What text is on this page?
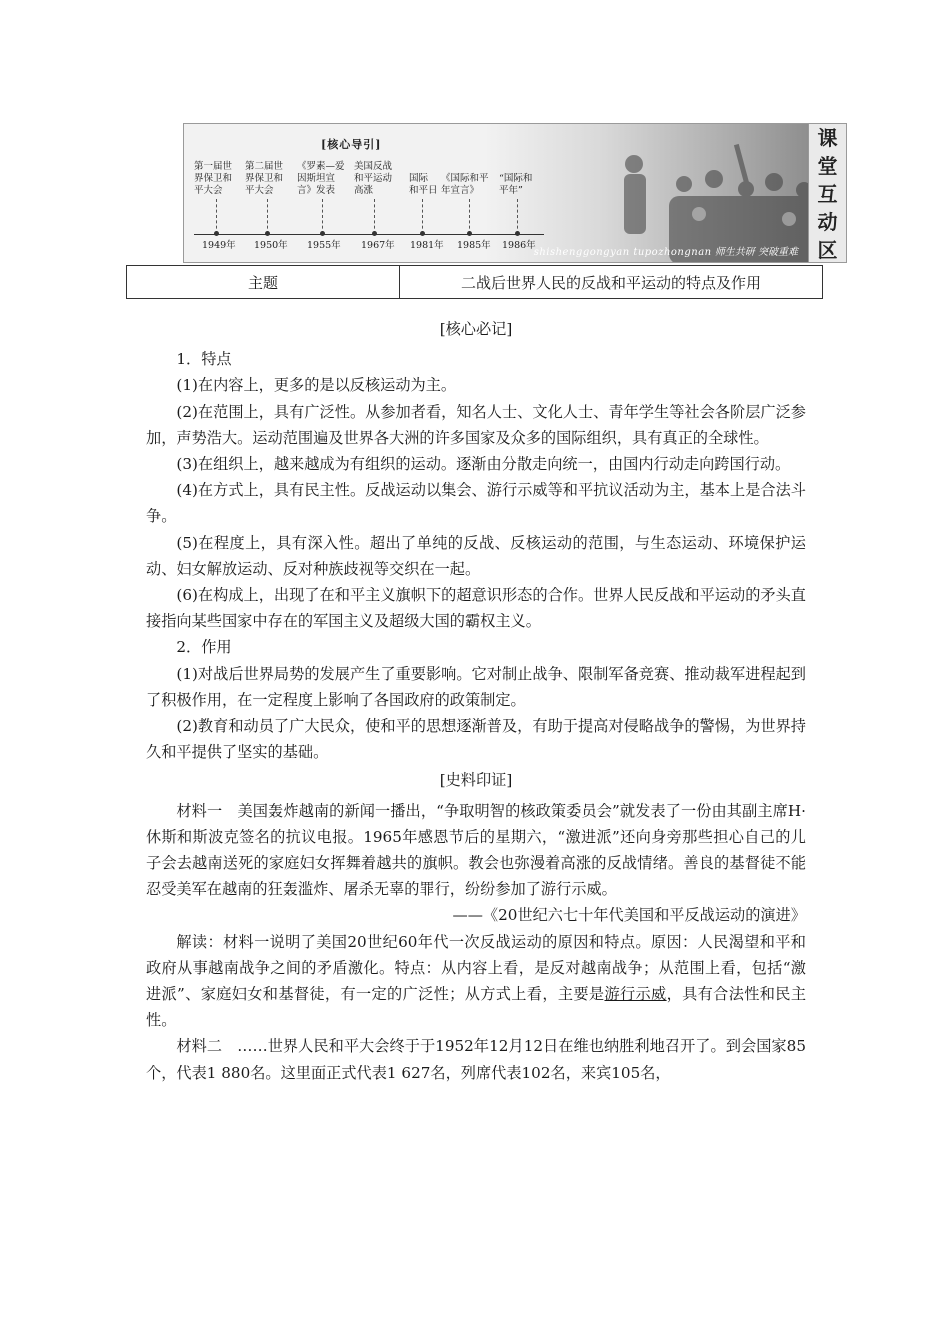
[核心导引]
第一届世
界保卫和
平大会
第二届世
界保卫和
平大会
《罗素—爱
因斯坦宣
言》发表
美国反战
和平运动
高涨
国际
和平日
《国际和平
年宣言》
“国际和
平年”
1949年 1950年 1955年 1967年 1981年 1985年 1986年
shishenggongyan tupozhongnan 师生共研 突破重难
课
堂
互
动
区
主题	二战后世界人民的反战和平运动的特点及作用
[核心必记]
1．特点
(1)在内容上，更多的是以反核运动为主。
(2)在范围上，具有广泛性。从参加者看，知名人士、文化人士、青年学生等社会各阶层广泛参加，声势浩大。运动范围遍及世界各大洲的许多国家及众多的国际组织，具有真正的全球性。
(3)在组织上，越来越成为有组织的运动。逐渐由分散走向统一，由国内行动走向跨国行动。
(4)在方式上，具有民主性。反战运动以集会、游行示威等和平抗议活动为主，基本上是合法斗争。
(5)在程度上，具有深入性。超出了单纯的反战、反核运动的范围，与生态运动、环境保护运动、妇女解放运动、反对种族歧视等交织在一起。
(6)在构成上，出现了在和平主义旗帜下的超意识形态的合作。世界人民反战和平运动的矛头直接指向某些国家中存在的军国主义及超级大国的霸权主义。
2．作用
(1)对战后世界局势的发展产生了重要影响。它对制止战争、限制军备竞赛、推动裁军进程起到了积极作用，在一定程度上影响了各国政府的政策制定。
(2)教育和动员了广大民众，使和平的思想逐渐普及，有助于提高对侵略战争的警惕，为世界持久和平提供了坚实的基础。
[史料印证]
材料一　美国轰炸越南的新闻一播出，“争取明智的核政策委员会”就发表了一份由其副主席H·休斯和斯波克签名的抗议电报。1965年感恩节后的星期六，“激进派”还向身旁那些担心自己的儿子会去越南送死的家庭妇女挥舞着越共的旗帜。教会也弥漫着高涨的反战情绪。善良的基督徒不能忍受美军在越南的狂轰滥炸、屠杀无辜的罪行，纷纷参加了游行示威。
——《20世纪六七十年代美国和平反战运动的演进》
解读：材料一说明了美国20世纪60年代一次反战运动的原因和特点。原因：人民渴望和平和政府从事越南战争之间的矛盾激化。特点：从内容上看，是反对越南战争；从范围上看，包括“激进派”、家庭妇女和基督徒，有一定的广泛性；从方式上看，主要是游行示威，具有合法性和民主性。
材料二　……世界人民和平大会终于于1952年12月12日在维也纳胜利地召开了。到会国家85个，代表1 880名。这里面正式代表1 627名，列席代表102名，来宾105名，
